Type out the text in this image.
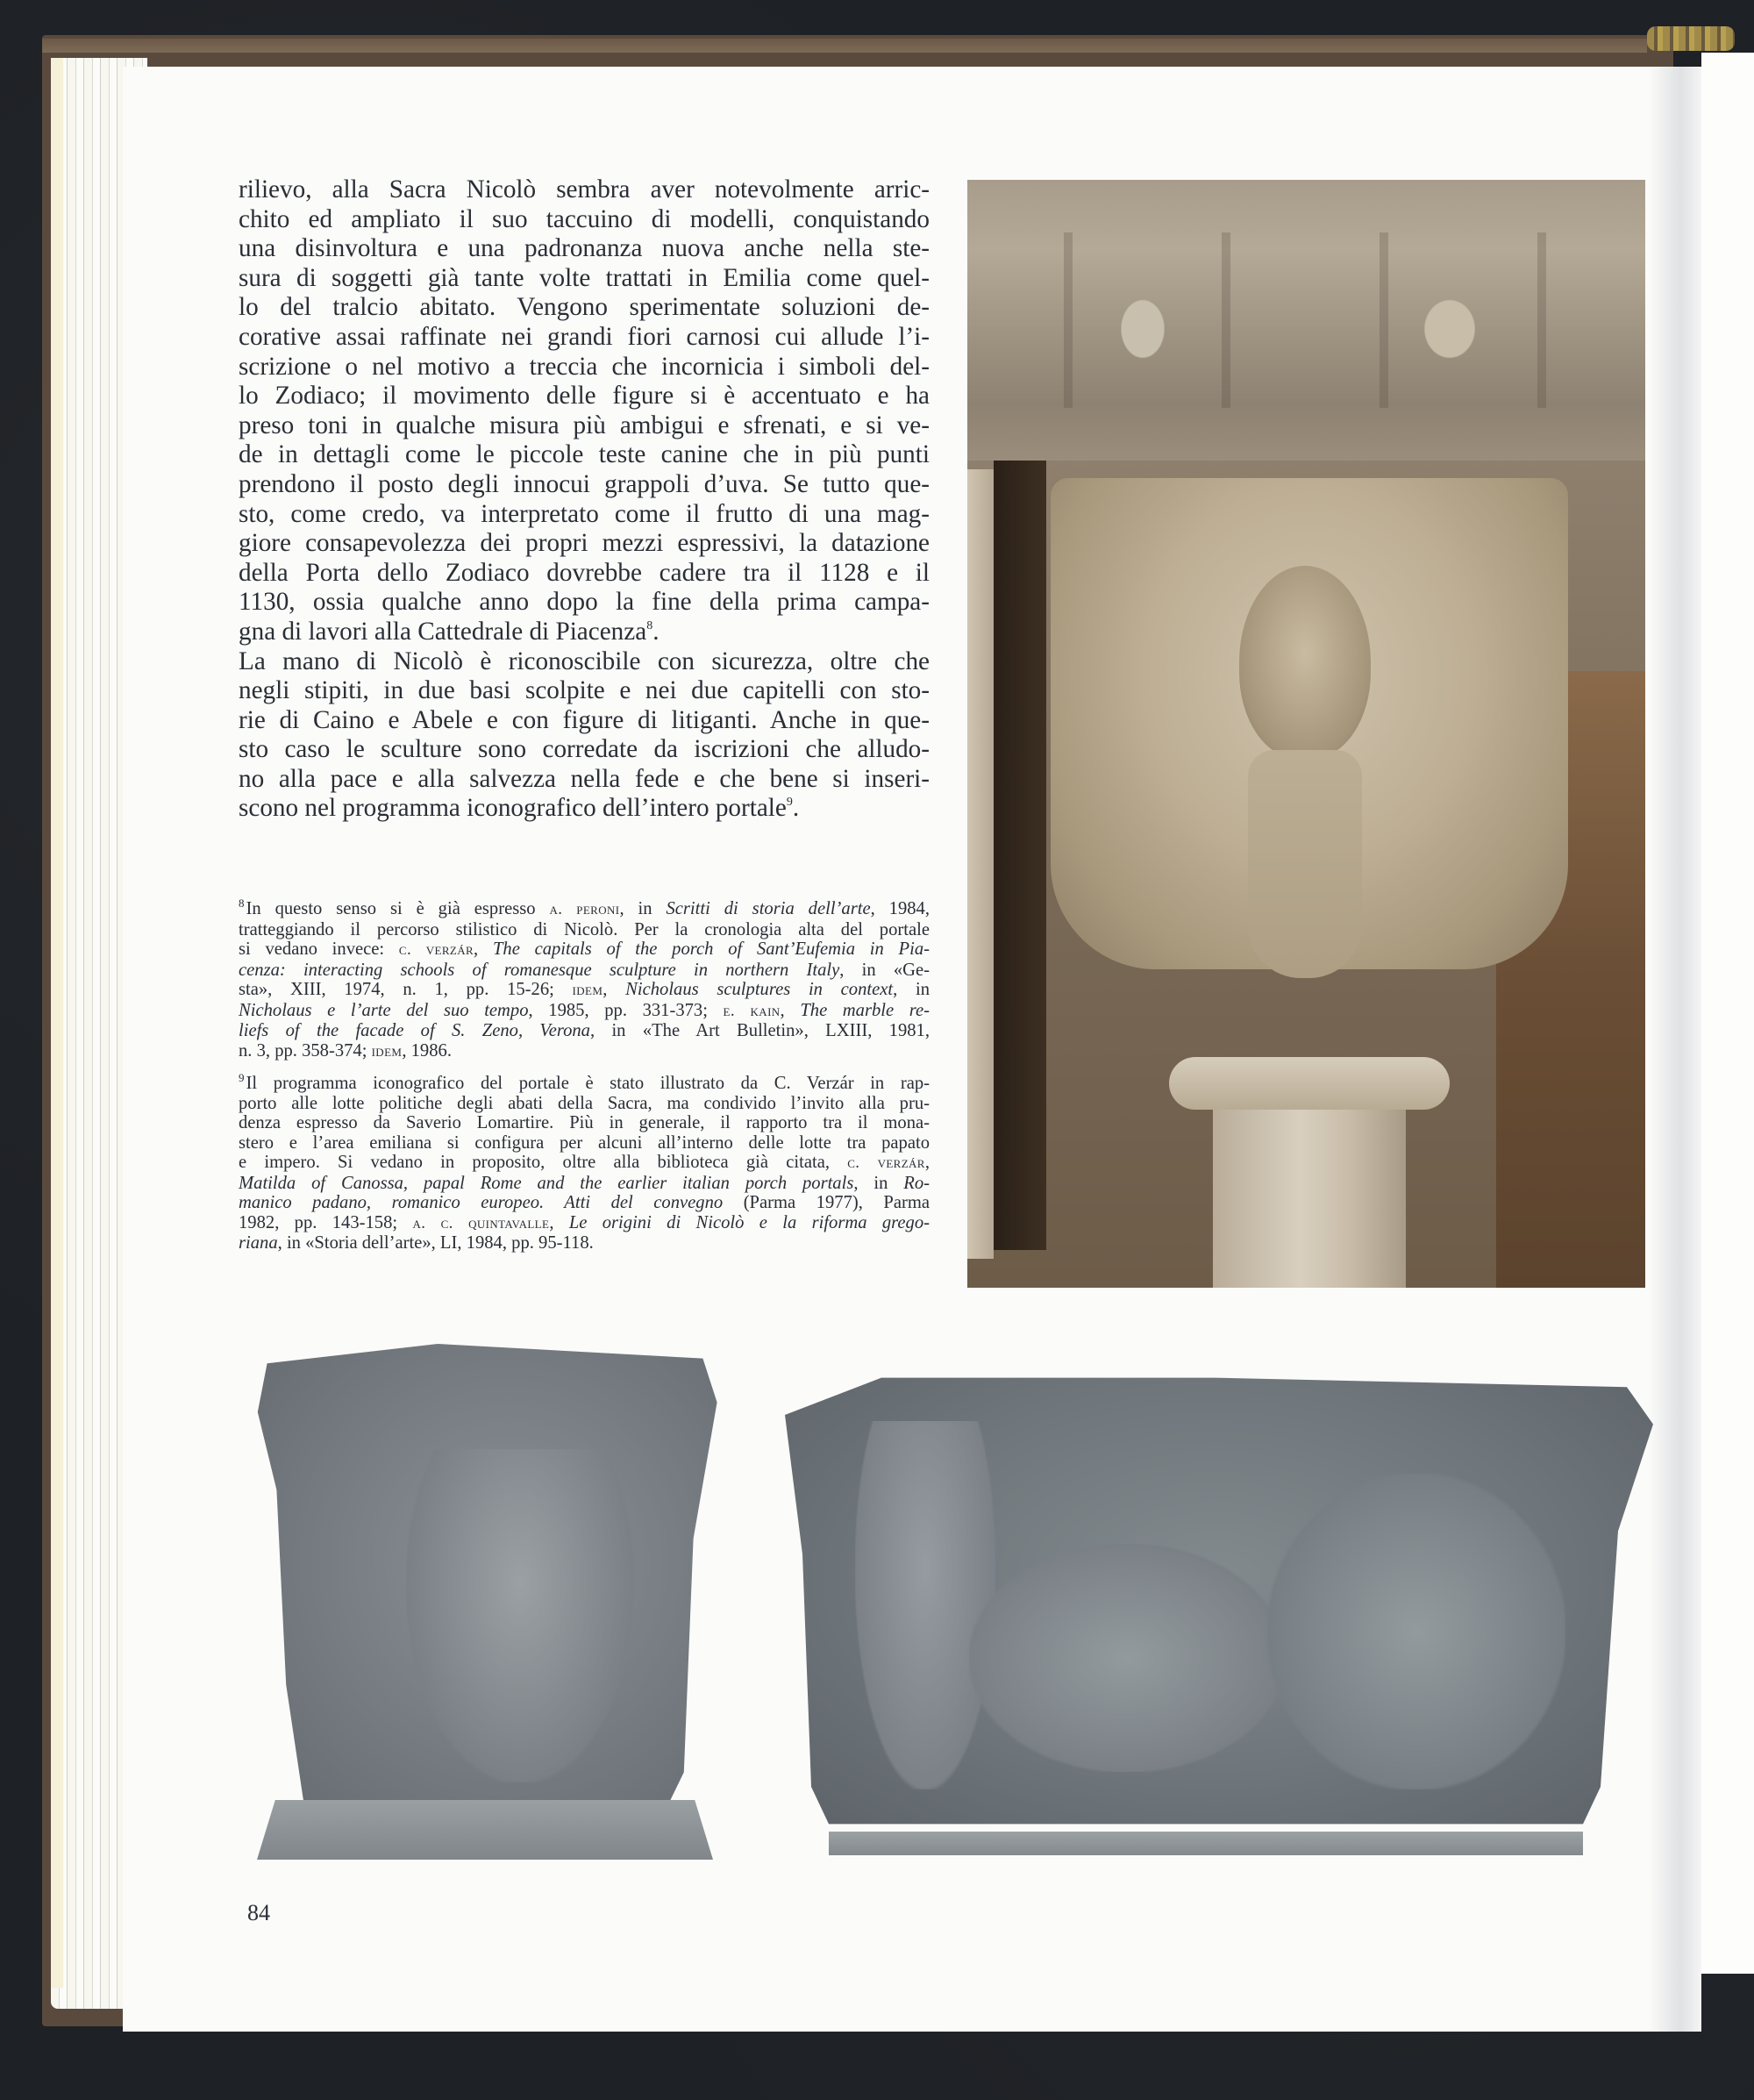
rilievo, alla Sacra Nicolò sembra aver notevolmente arric-
chito ed ampliato il suo taccuino di modelli, conquistando
una disinvoltura e una padronanza nuova anche nella ste-
sura di soggetti già tante volte trattati in Emilia come quel-
lo del tralcio abitato. Vengono sperimentate soluzioni de-
corative assai raffinate nei grandi fiori carnosi cui allude l’i-
scrizione o nel motivo a treccia che incornicia i simboli del-
lo Zodiaco; il movimento delle figure si è accentuato e ha
preso toni in qualche misura più ambigui e sfrenati, e si ve-
de in dettagli come le piccole teste canine che in più punti
prendono il posto degli innocui grappoli d’uva. Se tutto que-
sto, come credo, va interpretato come il frutto di una mag-
giore consapevolezza dei propri mezzi espressivi, la datazione
della Porta dello Zodiaco dovrebbe cadere tra il 1128 e il
1130, ossia qualche anno dopo la fine della prima campa-
gna di lavori alla Cattedrale di Piacenza$^8$.
La mano di Nicolò è riconoscibile con sicurezza, oltre che
negli stipiti, in due basi scolpite e nei due capitelli con sto-
rie di Caino e Abele e con figure di litiganti. Anche in que-
sto caso le sculture sono corredate da iscrizioni che alludo-
no alla pace e alla salvezza nella fede e che bene si inseri-
scono nel programma iconografico dell’intero portale$^9$.
$^8$In questo senso si è già espresso a. peroni, in Scritti di storia dell’arte, 1984,
tratteggiando il percorso stilistico di Nicolò. Per la cronologia alta del portale
si vedano invece: c. verzár, The capitals of the porch of Sant’Eufemia in Pia-
cenza: interacting schools of romanesque sculpture in northern Italy, in «Ge-
sta», XIII, 1974, n. 1, pp. 15-26; idem, Nicholaus sculptures in context, in
Nicholaus e l’arte del suo tempo, 1985, pp. 331-373; e. kain, The marble re-
liefs of the facade of S. Zeno, Verona, in «The Art Bulletin», LXIII, 1981,
n. 3, pp. 358-374; idem, 1986.
$^9$Il programma iconografico del portale è stato illustrato da C. Verzár in rap-
porto alle lotte politiche degli abati della Sacra, ma condivido l’invito alla pru-
denza espresso da Saverio Lomartire. Più in generale, il rapporto tra il mona-
stero e l’area emiliana si configura per alcuni all’interno delle lotte tra papato
e impero. Si vedano in proposito, oltre alla biblioteca già citata, c. verzár,
Matilda of Canossa, papal Rome and the earlier italian porch portals, in Ro-
manico padano, romanico europeo. Atti del convegno (Parma 1977), Parma
1982, pp. 143-158; a. c. quintavalle, Le origini di Nicolò e la riforma grego-
riana, in «Storia dell’arte», LI, 1984, pp. 95-118.
84
